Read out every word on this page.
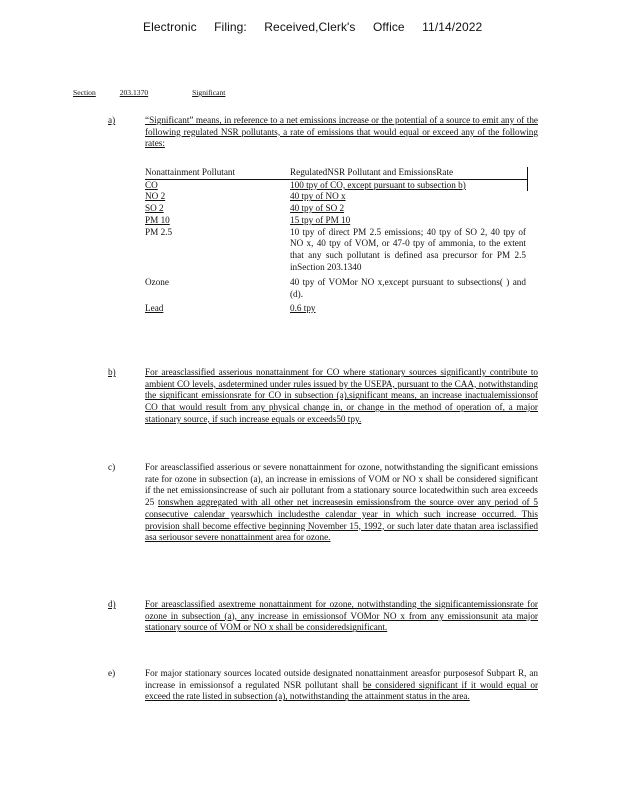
Electronic Filing: Received,Clerk's Office 11/14/2022
Section	203.1370	Significant
a)	“Significant” means, in reference to a net emissions increase or the potential of a source to emit any of the following regulated NSR pollutants, a rate of emissions that would equal or exceed any of the following rates:
Nonattainment Pollutant	RegulatedNSR Pollutant and EmissionsRate
CO	100 tpy of CO, except pursuant to subsection b)
NO 2	40 tpy of NO x
SO 2	40 tpy of SO 2
PM 10	15 tpy of PM 10
PM 2.5	10 tpy of direct PM 2.5 emissions; 40 tpy of SO 2, 40 tpy of NO x, 40 tpy of VOM, or 47-0 tpy of ammonia, to the extent that any such pollutant is defined asa precursor for PM 2.5 inSection 203.1340
Ozone	40 tpy of VOMor NO x,except pursuant to subsections( ) and (d).
Lead	0.6 tpy
b)	For areasclassified asserious nonattainment for CO where stationary sources significantly contribute to ambient CO levels, asdetermined under rules issued by the USEPA, pursuant to the CAA, notwithstanding the significant emissionsrate for CO in subsection (a),significant means, an increase inactualemissionsof CO that would result from any physical change in, or change in the method of operation of, a major stationary source, if such increase equals or exceeds50 tpy.
c)	For areasclassified asserious or severe nonattainment for ozone, notwithstanding the significant emissions rate for ozone in subsection (a), an increase in emissions of VOM or NO x shall be considered significant if the net emissionsincrease of such air pollutant from a stationary source locatedwithin such area exceeds 25 tonswhen aggregated with all other net increasesin emissionsfrom the source over any period of 5 consecutive calendar yearswhich includesthe calendar year in which such increase occurred. This provision shall become effective beginning November 15, 1992, or such later date thatan area isclassified asa seriousor severe nonattainment area for ozone.
d)	For areasclassified asextreme nonattainment for ozone, notwithstanding the significantemissionsrate for ozone in subsection (a), any increase in emissionsof VOMor NO x from any emissionsunit ata major stationary source of VOM or NO x shall be consideredsignificant.
e)	For major stationary sources located outside designated nonattainment areasfor purposesof Subpart R, an increase in emissionsof a regulated NSR pollutant shall be considered significant if it would equal or exceed the rate listed in subsection (a), notwithstanding the attainment status in the area.
